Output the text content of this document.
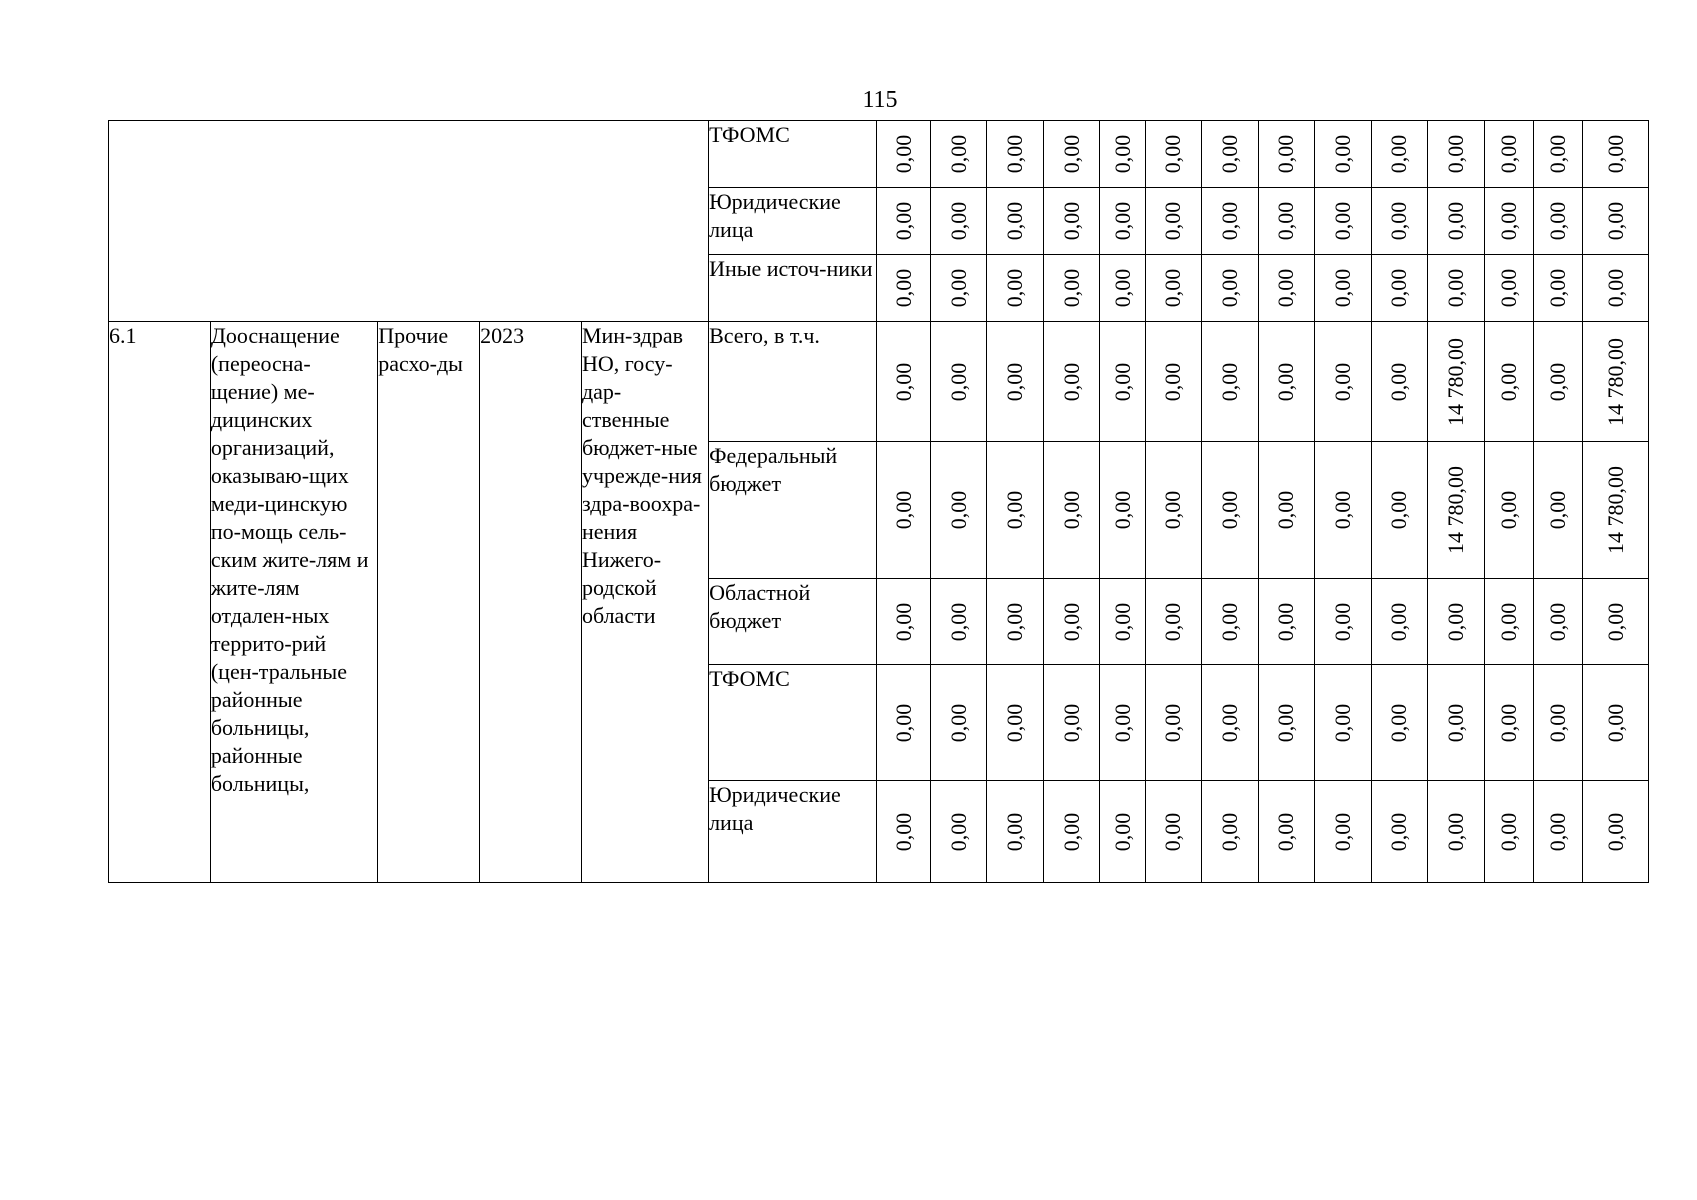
115
					ТФОМС	0,00	0,00	0,00	0,00	0,00	0,00	0,00	0,00	0,00	0,00	0,00	0,00	0,00	0,00

					Юридические лица	0,00	0,00	0,00	0,00	0,00	0,00	0,00	0,00	0,00	0,00	0,00	0,00	0,00	0,00

					Иные источ-ники	0,00	0,00	0,00	0,00	0,00	0,00	0,00	0,00	0,00	0,00	0,00	0,00	0,00	0,00

6.1	Дооснащение (переосна-щение) ме-дицинских организаций, оказываю-щих меди-цинскую по-мощь сель-ским жите-лям и жите-лям отдален-ных террито-рий (цен-тральные районные больницы, районные больницы,	Прочие расхо-ды	2023	Мин-здрав НО, госу-дар-ственные бюджет-ные учрежде-ния здра-воохра-нения Нижего-родской области	Всего, в т.ч.	0,00	0,00	0,00	0,00	0,00	0,00	0,00	0,00	0,00	0,00	14 780,00	0,00	0,00	14 780,00

					Федеральный бюджет	0,00	0,00	0,00	0,00	0,00	0,00	0,00	0,00	0,00	0,00	14 780,00	0,00	0,00	14 780,00

					Областной бюджет	0,00	0,00	0,00	0,00	0,00	0,00	0,00	0,00	0,00	0,00	0,00	0,00	0,00	0,00

					ТФОМС	0,00	0,00	0,00	0,00	0,00	0,00	0,00	0,00	0,00	0,00	0,00	0,00	0,00	0,00

					Юридические лица	0,00	0,00	0,00	0,00	0,00	0,00	0,00	0,00	0,00	0,00	0,00	0,00	0,00	0,00
